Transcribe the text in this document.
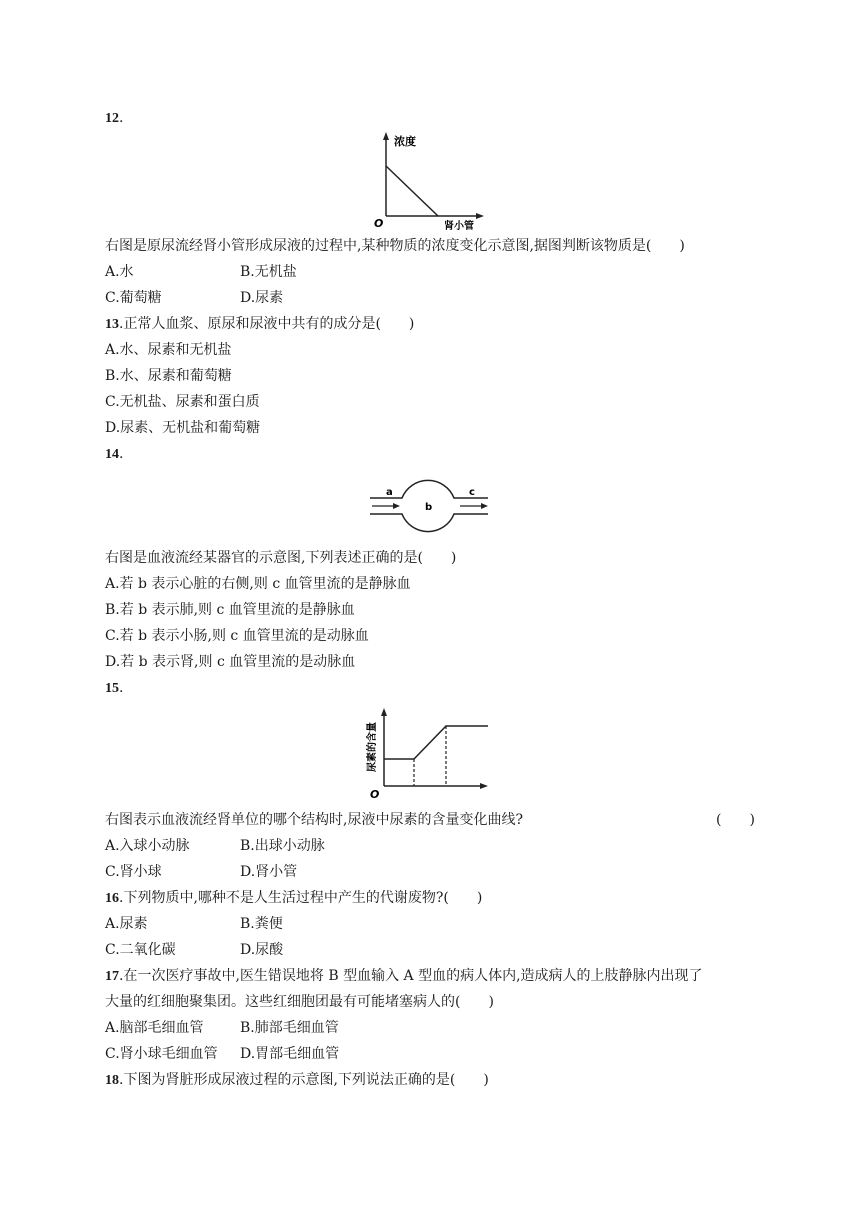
12.
浓度
O	肾小管
右图是原尿流经肾小管形成尿液的过程中,某种物质的浓度变化示意图,据图判断该物质是(　　)
A.水	B.无机盐
C.葡萄糖	D.尿素
13.正常人血浆、原尿和尿液中共有的成分是(　　)
A.水、尿素和无机盐
B.水、尿素和葡萄糖
C.无机盐、尿素和蛋白质
D.尿素、无机盐和葡萄糖
14.
a
b
c
右图是血液流经某器官的示意图,下列表述正确的是(　　)
A.若 b 表示心脏的右侧,则 c 血管里流的是静脉血
B.若 b 表示肺,则 c 血管里流的是静脉血
C.若 b 表示小肠,则 c 血管里流的是动脉血
D.若 b 表示肾,则 c 血管里流的是动脉血
15.
尿素的含量
O
右图表示血液流经肾单位的哪个结构时,尿液中尿素的含量变化曲线?	(　　)
A.入球小动脉	B.出球小动脉
C.肾小球	D.肾小管
16.下列物质中,哪种不是人生活过程中产生的代谢废物?(　　)
A.尿素	B.粪便
C.二氧化碳	D.尿酸
17.在一次医疗事故中,医生错误地将 B 型血输入 A 型血的病人体内,造成病人的上肢静脉内出现了
大量的红细胞聚集团。这些红细胞团最有可能堵塞病人的(　　)
A.脑部毛细血管	B.肺部毛细血管
C.肾小球毛细血管 D.胃部毛细血管
18.下图为肾脏形成尿液过程的示意图,下列说法正确的是(　　)
